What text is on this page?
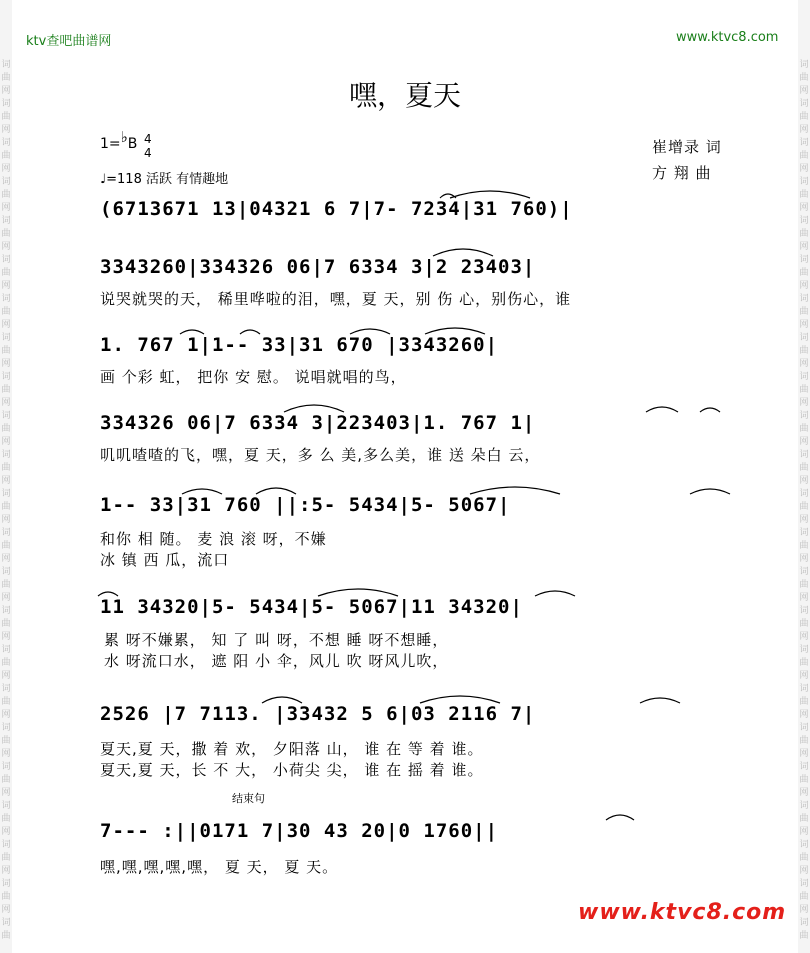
词
曲
网
词
曲
网
词
曲
网
词
曲
网
词
曲
网
词
曲
网
词
曲
网
词
曲
网
词
曲
网
词
曲
网
词
曲
网
词
曲
网
词
曲
网
词
曲
网
词
曲
网
词
曲
网
词
曲
网
词
曲
网
词
曲
网
词
曲
网
词
曲
网
词
曲
网
词
曲
词
曲
网
词
曲
网
词
曲
网
词
曲
网
词
曲
网
词
曲
网
词
曲
网
词
曲
网
词
曲
网
词
曲
网
词
曲
网
词
曲
网
词
曲
网
词
曲
网
词
曲
网
词
曲
网
词
曲
网
词
曲
网
词
曲
网
词
曲
网
词
曲
网
词
曲
网
词
曲
ktv查吧曲谱网	www.ktvc8.com
嘿，夏天
1=♭B 4
4
♩=118 活跃 有情趣地
崔增录 词
方 翔 曲
(6713671 13|04321 6 7|7- 7234|31 760)|
3343260|334326 06|7 6334 3|2 23403|
说哭就哭的天， 稀里哗啦的泪，嘿，夏 天，别 伤 心，别伤心，谁
1. 767 1|1-- 33|31 670 |3343260|
画 个彩 虹， 把你 安 慰。 说唱就唱的鸟，
334326 06|7 6334 3|223403|1. 767 1|
叽叽喳喳的飞，嘿，夏 天，多 么 美,多么美，谁 送 朵白 云，
1-- 33|31 760 ||:5- 5434|5- 5067|
和你 相 随。 麦 浪 滚 呀，不嫌
冰 镇 西 瓜，流口
11 34320|5- 5434|5- 5067|11 34320|
累 呀不嫌累， 知 了 叫 呀，不想 睡 呀不想睡，
水 呀流口水， 遮 阳 小 伞，风儿 吹 呀风儿吹，
2526 |7 7113. |33432 5 6|03 2116 7|
夏天,夏 天，撒 着 欢， 夕阳落 山， 谁 在 等 着 谁。
夏天,夏 天，长 不 大， 小荷尖 尖， 谁 在 摇 着 谁。
结束句
7--- :||0171 7|30 43 20|0 1760||
嘿,嘿,嘿,嘿,嘿， 夏 天， 夏 天。
www.ktvc8.com
